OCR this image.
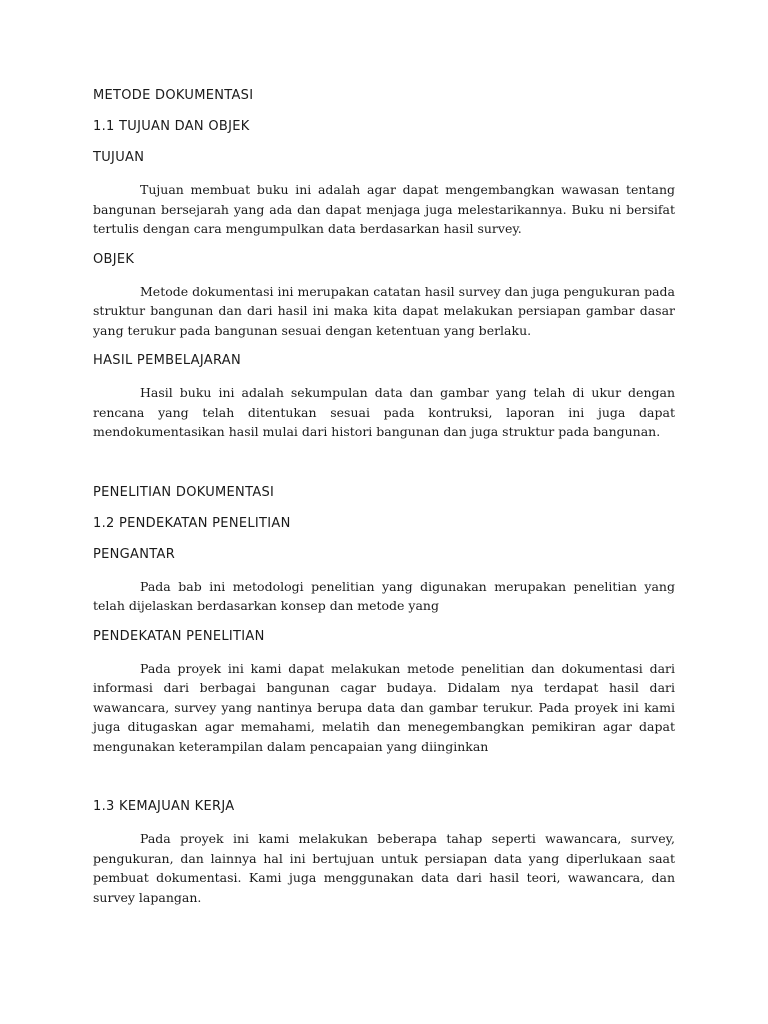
METODE DOKUMENTASI
1.1 TUJUAN DAN OBJEK
TUJUAN

Tujuan membuat buku ini adalah agar dapat mengembangkan wawasan tentang bangunan bersejarah yang ada dan dapat menjaga juga melestarikannya. Buku ni bersifat tertulis dengan cara mengumpulkan data berdasarkan hasil survey.

OBJEK

Metode dokumentasi ini merupakan catatan hasil survey dan juga pengukuran pada struktur bangunan dan dari hasil ini maka kita dapat melakukan persiapan gambar dasar yang terukur pada bangunan sesuai dengan ketentuan yang berlaku.

HASIL PEMBELAJARAN

Hasil buku ini adalah sekumpulan data dan gambar yang telah di ukur dengan rencana yang telah ditentukan sesuai pada kontruksi, laporan ini juga dapat mendokumentasikan hasil mulai dari histori bangunan dan juga struktur pada bangunan.

PENELITIAN DOKUMENTASI
1.2 PENDEKATAN PENELITIAN
PENGANTAR

Pada bab ini metodologi penelitian yang digunakan merupakan penelitian yang telah dijelaskan berdasarkan konsep dan metode yang

PENDEKATAN PENELITIAN

Pada proyek ini kami dapat melakukan metode penelitian dan dokumentasi dari informasi dari berbagai bangunan cagar budaya. Didalam nya terdapat hasil dari wawancara, survey yang nantinya berupa data dan gambar terukur. Pada proyek ini kami juga ditugaskan agar memahami, melatih dan menegembangkan pemikiran agar dapat mengunakan keterampilan dalam pencapaian yang diinginkan

1.3 KEMAJUAN KERJA

Pada proyek ini kami melakukan beberapa tahap seperti wawancara, survey, pengukuran, dan lainnya hal ini bertujuan untuk persiapan data yang diperlukaan saat pembuat dokumentasi. Kami juga menggunakan data dari hasil teori, wawancara, dan survey lapangan.
